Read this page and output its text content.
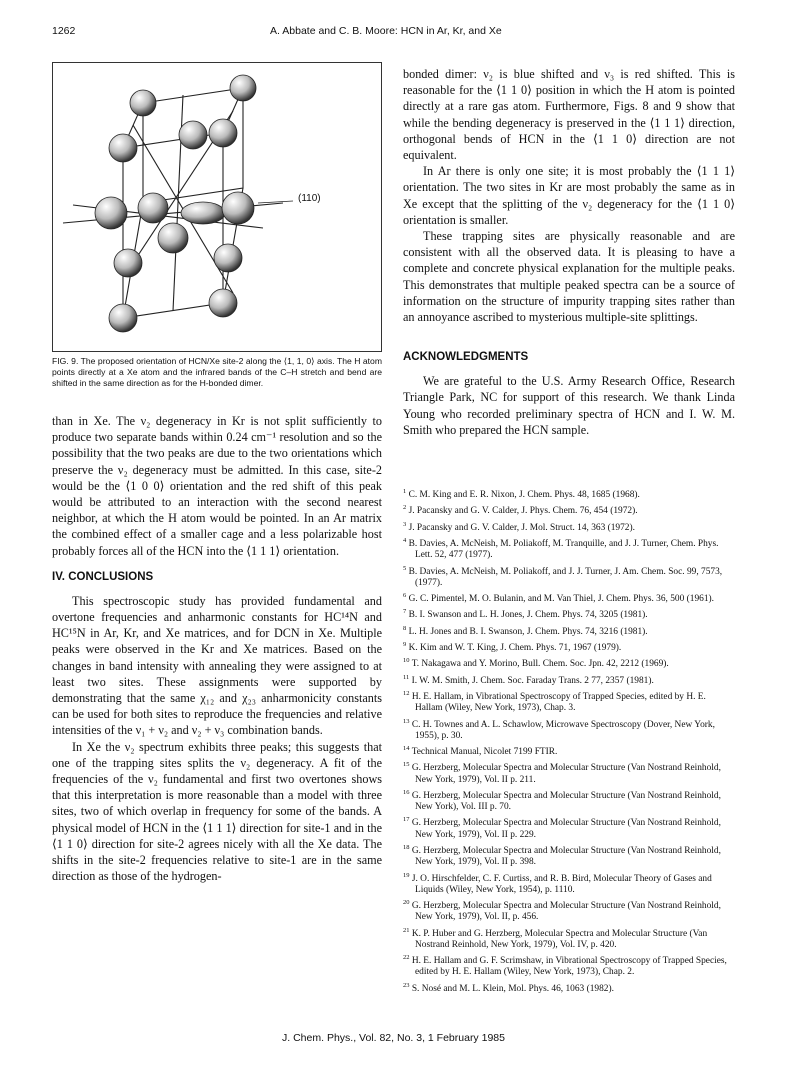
1262	A. Abbate and C. B. Moore: HCN in Ar, Kr, and Xe
(110)
FIG. 9. The proposed orientation of HCN/Xe site-2 along the ⟨1, 1, 0⟩ axis. The H atom points directly at a Xe atom and the infrared bands of the C–H stretch and bend are shifted in the same direction as for the H-bonded dimer.

than in Xe. The ν₂ degeneracy in Kr is not split sufficiently to produce two separate bands within 0.24 cm⁻¹ resolution and so the possibility that the two peaks are due to the two orientations which preserve the ν₂ degeneracy must be admitted. In this case, site-2 would be the ⟨1 0 0⟩ orientation and the red shift of this peak would be attributed to an interaction with the second nearest neighbor, at which the H atom would be pointed. In an Ar matrix the combined effect of a smaller cage and a less polarizable host probably forces all of the HCN into the ⟨1 1 1⟩ orientation.

IV. CONCLUSIONS

This spectroscopic study has provided fundamental and overtone frequencies and anharmonic constants for HC¹⁴N and HC¹⁵N in Ar, Kr, and Xe matrices, and for DCN in Xe. Multiple peaks were observed in the Kr and Xe matrices. Based on the changes in band intensity with annealing they were assigned to at least two sites. These assignments were supported by demonstrating that the same χ₁₂ and χ₂₃ anharmonicity constants can be used for both sites to reproduce the frequencies and relative intensities of the ν₁ + ν₂ and ν₂ + ν₃ combination bands.

In Xe the ν₂ spectrum exhibits three peaks; this suggests that one of the trapping sites splits the ν₂ degeneracy. A fit of the frequencies of the ν₂ fundamental and first two overtones shows that this interpretation is more reasonable than a model with three sites, two of which overlap in frequency for some of the bands. A physical model of HCN in the ⟨1 1 1⟩ direction for site-1 and in the ⟨1 1 0⟩ direction for site-2 agrees nicely with all the Xe data. The shifts in the site-2 frequencies relative to site-1 are in the same direction as those of the hydrogen-

bonded dimer: ν₂ is blue shifted and ν₃ is red shifted. This is reasonable for the ⟨1 1 0⟩ position in which the H atom is pointed directly at a rare gas atom. Furthermore, Figs. 8 and 9 show that while the bending degeneracy is preserved in the ⟨1 1 1⟩ direction, orthogonal bends of HCN in the ⟨1 1 0⟩ direction are not equivalent.

In Ar there is only one site; it is most probably the ⟨1 1 1⟩ orientation. The two sites in Kr are most probably the same as in Xe except that the splitting of the ν₂ degeneracy for the ⟨1 1 0⟩ orientation is smaller.

These trapping sites are physically reasonable and are consistent with all the observed data. It is pleasing to have a complete and concrete physical explanation for the multiple peaks. This demonstrates that multiple peaked spectra can be a source of information on the structure of impurity trapping sites rather than an annoyance ascribed to mysterious multiple-site splittings.

ACKNOWLEDGMENTS

We are grateful to the U.S. Army Research Office, Research Triangle Park, NC for support of this research. We thank Linda Young who recorded preliminary spectra of HCN and I. W. M. Smith who prepared the HCN sample.

$^1$ C. M. King and E. R. Nixon, J. Chem. Phys. 48, 1685 (1968).
$^2$ J. Pacansky and G. V. Calder, J. Phys. Chem. 76, 454 (1972).
$^3$ J. Pacansky and G. V. Calder, J. Mol. Struct. 14, 363 (1972).
$^4$ B. Davies, A. McNeish, M. Poliakoff, M. Tranquille, and J. J. Turner, Chem. Phys. Lett. 52, 477 (1977).
$^5$ B. Davies, A. McNeish, M. Poliakoff, and J. J. Turner, J. Am. Chem. Soc. 99, 7573, (1977).
$^6$ G. C. Pimentel, M. O. Bulanin, and M. Van Thiel, J. Chem. Phys. 36, 500 (1961).
$^7$ B. I. Swanson and L. H. Jones, J. Chem. Phys. 74, 3205 (1981).
$^8$ L. H. Jones and B. I. Swanson, J. Chem. Phys. 74, 3216 (1981).
$^9$ K. Kim and W. T. King, J. Chem. Phys. 71, 1967 (1979).
$^{10}$ T. Nakagawa and Y. Morino, Bull. Chem. Soc. Jpn. 42, 2212 (1969).
$^{11}$ I. W. M. Smith, J. Chem. Soc. Faraday Trans. 2 77, 2357 (1981).
$^{12}$ H. E. Hallam, in Vibrational Spectroscopy of Trapped Species, edited by H. E. Hallam (Wiley, New York, 1973), Chap. 3.
$^{13}$ C. H. Townes and A. L. Schawlow, Microwave Spectroscopy (Dover, New York, 1955), p. 30.
$^{14}$ Technical Manual, Nicolet 7199 FTIR.
$^{15}$ G. Herzberg, Molecular Spectra and Molecular Structure (Van Nostrand Reinhold, New York, 1979), Vol. II p. 211.
$^{16}$ G. Herzberg, Molecular Spectra and Molecular Structure (Van Nostrand Reinhold, New York), Vol. III p. 70.
$^{17}$ G. Herzberg, Molecular Spectra and Molecular Structure (Van Nostrand Reinhold, New York, 1979), Vol. II p. 229.
$^{18}$ G. Herzberg, Molecular Spectra and Molecular Structure (Van Nostrand Reinhold, New York, 1979), Vol. II p. 398.
$^{19}$ J. O. Hirschfelder, C. F. Curtiss, and R. B. Bird, Molecular Theory of Gases and Liquids (Wiley, New York, 1954), p. 1110.
$^{20}$ G. Herzberg, Molecular Spectra and Molecular Structure (Van Nostrand Reinhold, New York, 1979), Vol. II, p. 456.
$^{21}$ K. P. Huber and G. Herzberg, Molecular Spectra and Molecular Structure (Van Nostrand Reinhold, New York, 1979), Vol. IV, p. 420.
$^{22}$ H. E. Hallam and G. F. Scrimshaw, in Vibrational Spectroscopy of Trapped Species, edited by H. E. Hallam (Wiley, New York, 1973), Chap. 2.
$^{23}$ S. Nosé and M. L. Klein, Mol. Phys. 46, 1063 (1982).
J. Chem. Phys., Vol. 82, No. 3, 1 February 1985
